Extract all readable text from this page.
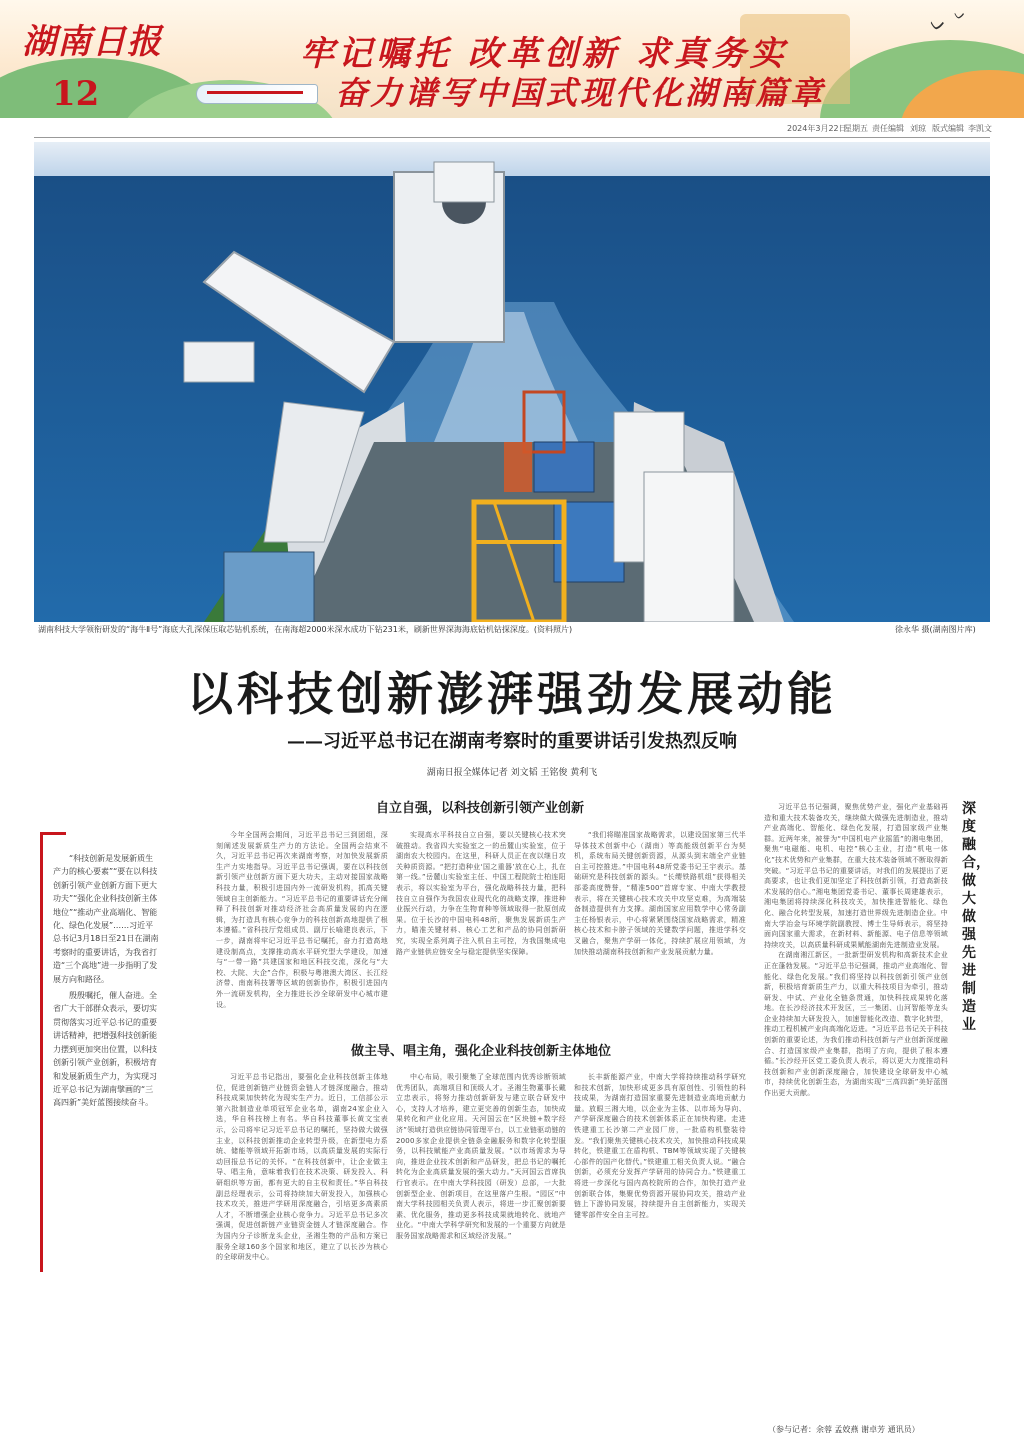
湖南日报
12
牢记嘱托 改革创新 求真务实
奋力谱写中国式现代化湖南篇章
ᨆ ᨆ
2024年3月22日
星期五 责任编辑 刘琼 版式编辑 李凯文
湖南科技大学领衔研发的“海牛Ⅱ号”海底大孔深保压取芯钻机系统，在南海超2000米深水成功下钻231米，刷新世界深海海底钻机钻探深度。(资料照片)	徐永华 摄(湖南图片库)
以科技创新澎湃强劲发展动能
——习近平总书记在湖南考察时的重要讲话引发热烈反响
湖南日报全媒体记者 刘文韬 王铭俊 黄利飞
自立自强，以科技创新引领产业创新

“科技创新是发展新质生产力的核心要素”“要在以科技创新引领产业创新方面下更大功夫”“强化企业科技创新主体地位”“推动产业高端化、智能化、绿色化发展”……习近平总书记3月18日至21日在湖南考察时的重要讲话，为我省打造“三个高地”进一步指明了发展方向和路径。

殷殷嘱托，催人奋进。全省广大干部群众表示，要切实贯彻落实习近平总书记的重要讲话精神，把增强科技创新能力摆到更加突出位置，以科技创新引领产业创新，积极培育和发展新质生产力，为实现习近平总书记为湖南擘画的“三高四新”美好蓝图接续奋斗。

今年全国两会期间，习近平总书记三到团组，深刻阐述发展新质生产力的方法论。全国两会结束不久，习近平总书记再次来湖南考察，对加快发展新质生产力实地指导。习近平总书记强调，要在以科技创新引领产业创新方面下更大功夫，主动对接国家战略科技力量，积极引进国内外一流研发机构，抓高关键领域自主创新能力。“习近平总书记的重要讲话充分阐释了科技创新对推动经济社会高质量发展的内在逻辑，为打造具有核心竞争力的科技创新高地提供了根本遵循。”省科技厅党组成员、副厅长喻建良表示，下一步，湖南将牢记习近平总书记嘱托，奋力打造高地建设制高点，支撑推动高水平研究型大学建设，加速与“一带一路”共建国家和地区科技交流，深化与“大校、大院、大企”合作，积极与粤港澳大湾区、长江经济带、南南科技署等区域的创新协作，积极引进国内外一流研发机构，全力推进长沙全球研发中心城市建设。

实现高水平科技自立自强，要以关键核心技术突破推动。我省四大实验室之一的岳麓山实验室，位于湖南农大校园内。在这里，科研人员正在夜以继日攻关种质资源。“把打造种业‘国之重器’放在心上，扎在第一线。”岳麓山实验室主任、中国工程院院士柏连阳表示，将以实验室为平台，强化战略科技力量，把科技自立自强作为我国农业现代化的战略支撑，推进种业振兴行动，力争在生物育种等领域取得一批原创成果。位于长沙的中国电科48所，聚焦发展新质生产力，瞄准关键材料、核心工艺和产品的协同创新研究，实现全系列离子注入机自主可控，为我国集成电路产业链供应链安全与稳定提供坚实保障。

“我们将瞄准国家战略需求，以建设国家第三代半导体技术创新中心（湖南）等高能级创新平台为契机，系统布局关键创新资源，从源头到末端全产业链自主可控推进。”中国电科48所党委书记王宇表示。基础研究是科技创新的源头。“长缨铁路机组”获得相关部委高度赞誉，“精准500”首席专家、中南大学教授表示，将在关键核心技术攻关中攻坚克难，为高端装备制造提供有力支撑。湖南国家应用数学中心常务副主任杨银表示，中心将紧紧围绕国家战略需求，精准核心技术和卡脖子领域的关键数学问题，推进学科交叉融合，聚焦产学研一体化，持续扩展应用领域，为加快推动湖南科技创新和产业发展贡献力量。

习近平总书记强调，聚焦优势产业，强化产业基础再造和重大技术装备攻关，继续做大做强先进制造业，推动产业高端化、智能化、绿色化发展，打造国家级产业集群。近两年来，被誉为“中国机电产业摇篮”的湘电集团，聚焦“电磁能、电机、电控”核心主业，打造“机电一体化”技术优势和产业集群，在重大技术装备领域不断取得新突破。“习近平总书记的重要讲话，对我们的发展提出了更高要求，也让我们更加坚定了科技创新引领，打造高新技术发展的信心。”湘电集团党委书记、董事长周建雄表示，湘电集团将持续深化科技攻关，加快推进智能化、绿色化、融合化转型发展，加速打造世界级先进制造企业。中南大学冶金与环境学院副教授、博士生导师表示，将坚持面向国家重大需求，在新材料、新能源、电子信息等领域持续攻关，以高质量科研成果赋能湖南先进制造业发展。

在湖南湘江新区，一批新型研发机构和高新技术企业正在蓬勃发展。“习近平总书记强调，推动产业高端化、智能化、绿色化发展。”我们将坚持以科技创新引领产业创新，积极培育新质生产力，以重大科技项目为牵引，推动研发、中试、产业化全链条贯通，加快科技成果转化落地。在长沙经济技术开发区，三一集团、山河智能等龙头企业持续加大研发投入，加速智能化改造、数字化转型，推动工程机械产业向高端化迈进。“习近平总书记关于科技创新的重要论述，为我们推动科技创新与产业创新深度融合、打造国家级产业集群，指明了方向，提供了根本遵循。”长沙经开区党工委负责人表示，将以更大力度推动科技创新和产业创新深度融合，加快建设全球研发中心城市，持续优化创新生态，为湖南实现“三高四新”美好蓝图作出更大贡献。

深度融合，做大做强先进制造业
做主导、唱主角，强化企业科技创新主体地位

习近平总书记指出，要强化企业科技创新主体地位，促进创新链产业链资金链人才链深度融合，推动科技成果加快转化为现实生产力。近日，工信部公示第六批制造业单项冠军企业名单，湖南24家企业入选，华自科技榜上有名。华自科技董事长黄文宝表示，公司将牢记习近平总书记的嘱托，坚持做大做强主业，以科技创新推动企业转型升级，在新型电力系统、储能等领域开拓新市场，以高质量发展的实际行动回报总书记的关怀。“在科技创新中，让企业做主导、唱主角，意味着我们在技术决策、研发投入、科研组织等方面，都有更大的自主权和责任。”华自科技副总经理表示，公司将持续加大研发投入，加强核心技术攻关，推进产学研用深度融合，引培更多高素质人才，不断增强企业核心竞争力。习近平总书记多次强调，促进创新链产业链资金链人才链深度融合。作为国内分子诊断龙头企业，圣湘生物的产品和方案已服务全球160多个国家和地区，建立了以长沙为核心的全球研发中心。

中心布局，吸引聚集了全球范围内优秀诊断领域优秀团队，高端项目和顶级人才。圣湘生物董事长戴立忠表示，将努力推动创新研发与建立联合研发中心，支持人才培养，建立更完善的创新生态，加快成果转化和产业化应用。天河国云在“区块链+数字经济”领域打造供应链协同管理平台，以工业链驱动链的2000多家企业提供全链条金融服务和数字化转型服务，以科技赋能产业高质量发展。“以市场需求为导向，推进企业技术创新和产品研发，把总书记的嘱托转化为企业高质量发展的强大动力。”天河国云首席执行官表示。在中南大学科技园（研发）总部，一大批创新型企业、创新项目，在这里落户生根。“园区”中南大学科技园相关负责人表示，将进一步汇聚创新要素、优化服务，推动更多科技成果就地转化、就地产业化。“中南大学科学研究和发展的一个重要方向就是服务国家战略需求和区域经济发展。”

长丰新能源产业，中南大学将持续推动科学研究和技术创新，加快形成更多具有原创性、引领性的科技成果，为湖南打造国家重要先进制造业高地贡献力量。放眼三湘大地，以企业为主体、以市场为导向、产学研深度融合的技术创新体系正在加快构建。走进铁建重工长沙第二产业园厂房，一批盾构机整装待发。“我们聚焦关键核心技术攻关，加快推动科技成果转化，铁建重工在盾构机、TBM等领域实现了关键核心部件的国产化替代。”铁建重工相关负责人说。“融合创新，必须充分发挥产学研用的协同合力。”铁建重工将进一步深化与国内高校院所的合作，加快打造产业创新联合体，集聚优势资源开展协同攻关，推动产业链上下游协同发展，持续提升自主创新能力，实现关键零部件安全自主可控。

（参与记者：余蓉 孟姣燕 谢卓芳 通讯员）
